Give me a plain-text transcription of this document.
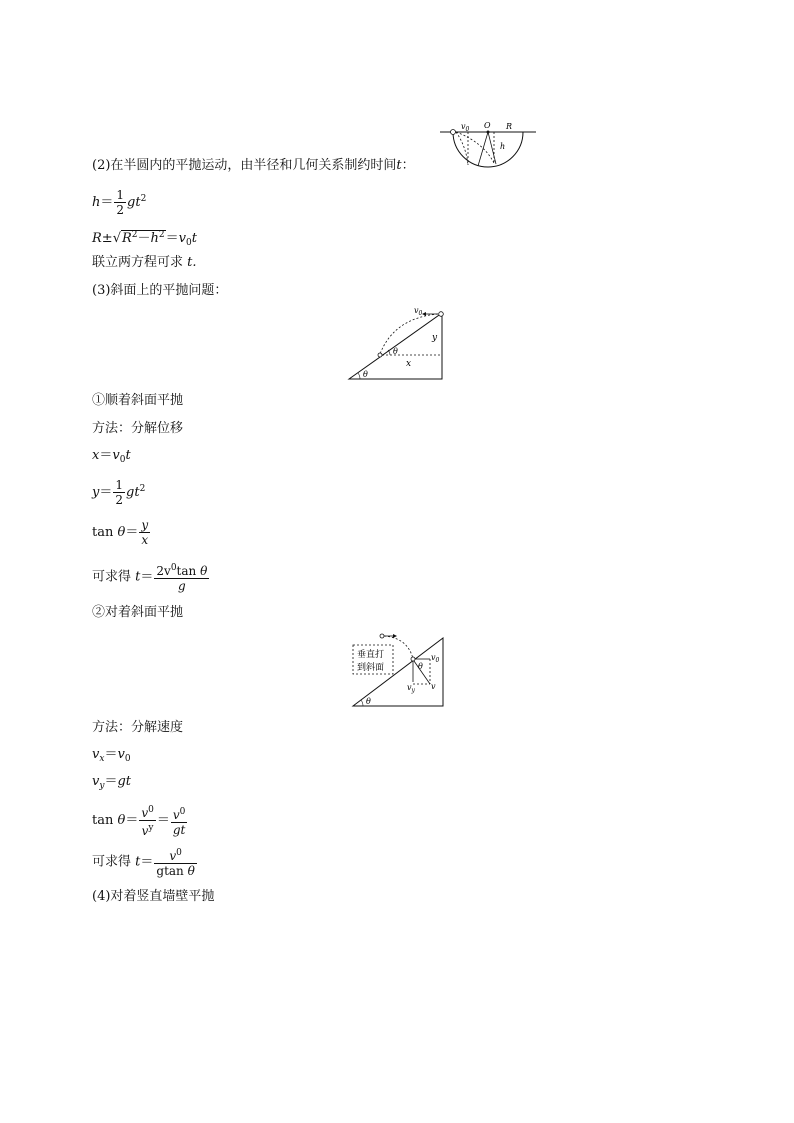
$v_0$ O R
h
(2)在半圆内的平抛运动，由半径和几何关系制约时间t：
$h= \frac{1}{2} gt^2$
$R\pm√R^2-h^2=v_0t$
联立两方程可求 t.
(3)斜面上的平抛问题：
$v_0$
y
x
θ
θ
①顺着斜面平抛
方法：分解位移
$x=v_0t$
$y= \frac{1}{2} gt^2$
$\tan \theta= \frac{y}{x}$
可求得 $t= \frac{2v^0\tan \theta}{g}$
②对着斜面平抛
垂直打
到斜面
$v_0$
$v_y$ v
θ
θ
方法：分解速度
$v_x=v_0$
$v_y=gt$
$\tan \theta= \frac{v^0}{v^y} = \frac{v^0}{gt}$
可求得 $t= \frac{v^0}{\text{gtan θ}}$
(4)对着竖直墙壁平抛
